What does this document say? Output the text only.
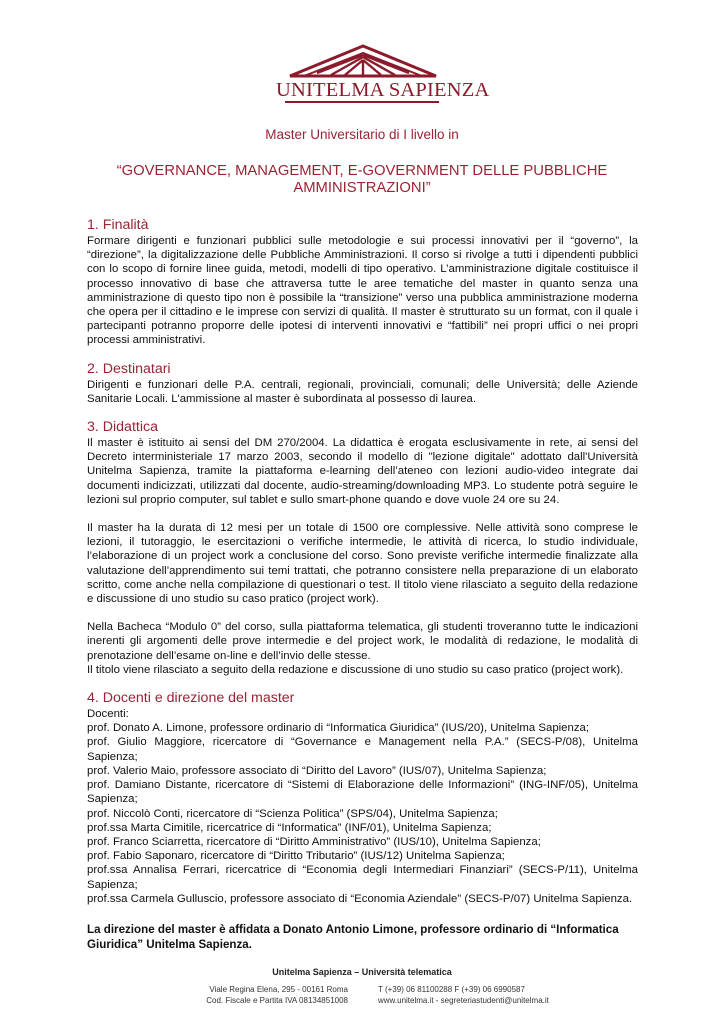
UNITELMA SAPIENZA
Master Universitario di I livello in
“GOVERNANCE, MANAGEMENT, E-GOVERNMENT DELLE PUBBLICHE AMMINISTRAZIONI”
1. Finalità

Formare dirigenti e funzionari pubblici sulle metodologie e sui processi innovativi per il “governo”, la “direzione”, la digitalizzazione delle Pubbliche Amministrazioni. Il corso si rivolge a tutti i dipendenti pubblici con lo scopo di fornire linee guida, metodi, modelli di tipo operativo. L’amministrazione digitale costituisce il processo innovativo di base che attraversa tutte le aree tematiche del master in quanto senza una amministrazione di questo tipo non è possibile la “transizione” verso una pubblica amministrazione moderna che opera per il cittadino e le imprese con servizi di qualità. Il master è strutturato su un format, con il quale i partecipanti potranno proporre delle ipotesi di interventi innovativi e “fattibili” nei propri uffici o nei propri processi amministrativi.

2. Destinatari

Dirigenti e funzionari delle P.A. centrali, regionali, provinciali, comunali; delle Università; delle Aziende Sanitarie Locali. L'ammissione al master è subordinata al possesso di laurea.

3. Didattica

Il master è istituito ai sensi del DM 270/2004. La didattica è erogata esclusivamente in rete, ai sensi del Decreto interministeriale 17 marzo 2003, secondo il modello di "lezione digitale" adottato dall'Università Unitelma Sapienza, tramite la piattaforma e-learning dell’ateneo con lezioni audio-video integrate dai documenti indicizzati, utilizzati dal docente, audio-streaming/downloading MP3. Lo studente potrà seguire le lezioni sul proprio computer, sul tablet e sullo smart-phone quando e dove vuole 24 ore su 24.

Il master ha la durata di 12 mesi per un totale di 1500 ore complessive. Nelle attività sono comprese le lezioni, il tutoraggio, le esercitazioni o verifiche intermedie, le attività di ricerca, lo studio individuale, l’elaborazione di un project work a conclusione del corso. Sono previste verifiche intermedie finalizzate alla valutazione dell’apprendimento sui temi trattati, che potranno consistere nella preparazione di un elaborato scritto, come anche nella compilazione di questionari o test. Il titolo viene rilasciato a seguito della redazione e discussione di uno studio su caso pratico (project work).

Nella Bacheca “Modulo 0” del corso, sulla piattaforma telematica, gli studenti troveranno tutte le indicazioni inerenti gli argomenti delle prove intermedie e del project work, le modalità di redazione, le modalità di prenotazione dell’esame on-line e dell’invio delle stesse.

Il titolo viene rilasciato a seguito della redazione e discussione di uno studio su caso pratico (project work).
4. Docenti e direzione del master
Docenti:
prof. Donato A. Limone, professore ordinario di “Informatica Giuridica” (IUS/20), Unitelma Sapienza;
prof. Giulio Maggiore, ricercatore di “Governance e Management nella P.A.” (SECS-P/08), Unitelma Sapienza;
prof. Valerio Maio, professore associato di “Diritto del Lavoro” (IUS/07), Unitelma Sapienza;
prof. Damiano Distante, ricercatore di “Sistemi di Elaborazione delle Informazioni” (ING-INF/05), Unitelma Sapienza;
prof. Niccolò Conti, ricercatore di “Scienza Politica” (SPS/04), Unitelma Sapienza;
prof.ssa Marta Cimitile, ricercatrice di “Informatica” (INF/01), Unitelma Sapienza;
prof. Franco Sciarretta, ricercatore di “Diritto Amministrativo” (IUS/10), Unitelma Sapienza;
prof. Fabio Saponaro, ricercatore di “Diritto Tributario” (IUS/12) Unitelma Sapienza;
prof.ssa Annalisa Ferrari, ricercatrice di “Economia degli Intermediari Finanziari” (SECS-P/11), Unitelma Sapienza;
prof.ssa Carmela Gulluscio, professore associato di “Economia Aziendale” (SECS-P/07) Unitelma Sapienza.
La direzione del master è affidata a Donato Antonio Limone, professore ordinario di “Informatica Giuridica” Unitelma Sapienza.
Unitelma Sapienza – Università telematica
Viale Regina Elena, 295 - 00161 Roma
Cod. Fiscale e Partita IVA 08134851008
T (+39) 06 81100288 F (+39) 06 6990587
www.unitelma.it - segreteriastudenti@unitelma.it
